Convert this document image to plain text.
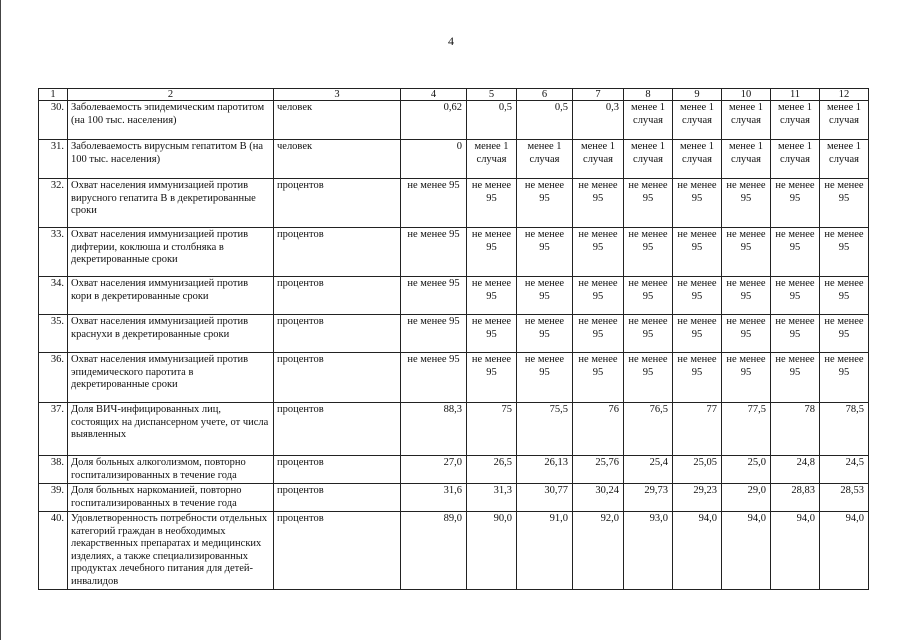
4
1	2	3	4	5	6	7	8	9	10	11	12
30.	Заболеваемость эпидемическим паротитом (на 100 тыс. населения)	человек	0,62	0,5	0,5	0,3	менее 1 случая	менее 1 случая	менее 1 случая	менее 1 случая	менее 1 случая
31.	Заболеваемость вирусным гепатитом В (на 100 тыс. населения)	человек	0	менее 1 случая	менее 1 случая	менее 1 случая	менее 1 случая	менее 1 случая	менее 1 случая	менее 1 случая	менее 1 случая
32.	Охват населения иммунизацией против вирусного гепатита В в декретированные сроки	процентов	не менее 95	не менее 95	не менее 95	не менее 95	не менее 95	не менее 95	не менее 95	не менее 95	не менее 95
33.	Охват населения иммунизацией против дифтерии, коклюша и столбняка в декретированные сроки	процентов	не менее 95	не менее 95	не менее 95	не менее 95	не менее 95	не менее 95	не менее 95	не менее 95	не менее 95
34.	Охват населения иммунизацией против кори в декретированные сроки	процентов	не менее 95	не менее 95	не менее 95	не менее 95	не менее 95	не менее 95	не менее 95	не менее 95	не менее 95
35.	Охват населения иммунизацией против краснухи в декретированные сроки	процентов	не менее 95	не менее 95	не менее 95	не менее 95	не менее 95	не менее 95	не менее 95	не менее 95	не менее 95
36.	Охват населения иммунизацией против эпидемического паротита в декретированные сроки	процентов	не менее 95	не менее 95	не менее 95	не менее 95	не менее 95	не менее 95	не менее 95	не менее 95	не менее 95
37.	Доля ВИЧ-инфицированных лиц, состоящих на диспансерном учете, от числа выявленных	процентов	88,3	75	75,5	76	76,5	77	77,5	78	78,5
38.	Доля больных алкоголизмом, повторно госпитализированных в течение года	процентов	27,0	26,5	26,13	25,76	25,4	25,05	25,0	24,8	24,5
39.	Доля больных наркоманией, повторно госпитализированных в течение года	процентов	31,6	31,3	30,77	30,24	29,73	29,23	29,0	28,83	28,53
40.	Удовлетворенность потребности отдельных категорий граждан в необходимых лекарственных препаратах и медицинских изделиях, а также специализированных продуктах лечебного питания для детей-инвалидов	процентов	89,0	90,0	91,0	92,0	93,0	94,0	94,0	94,0	94,0
